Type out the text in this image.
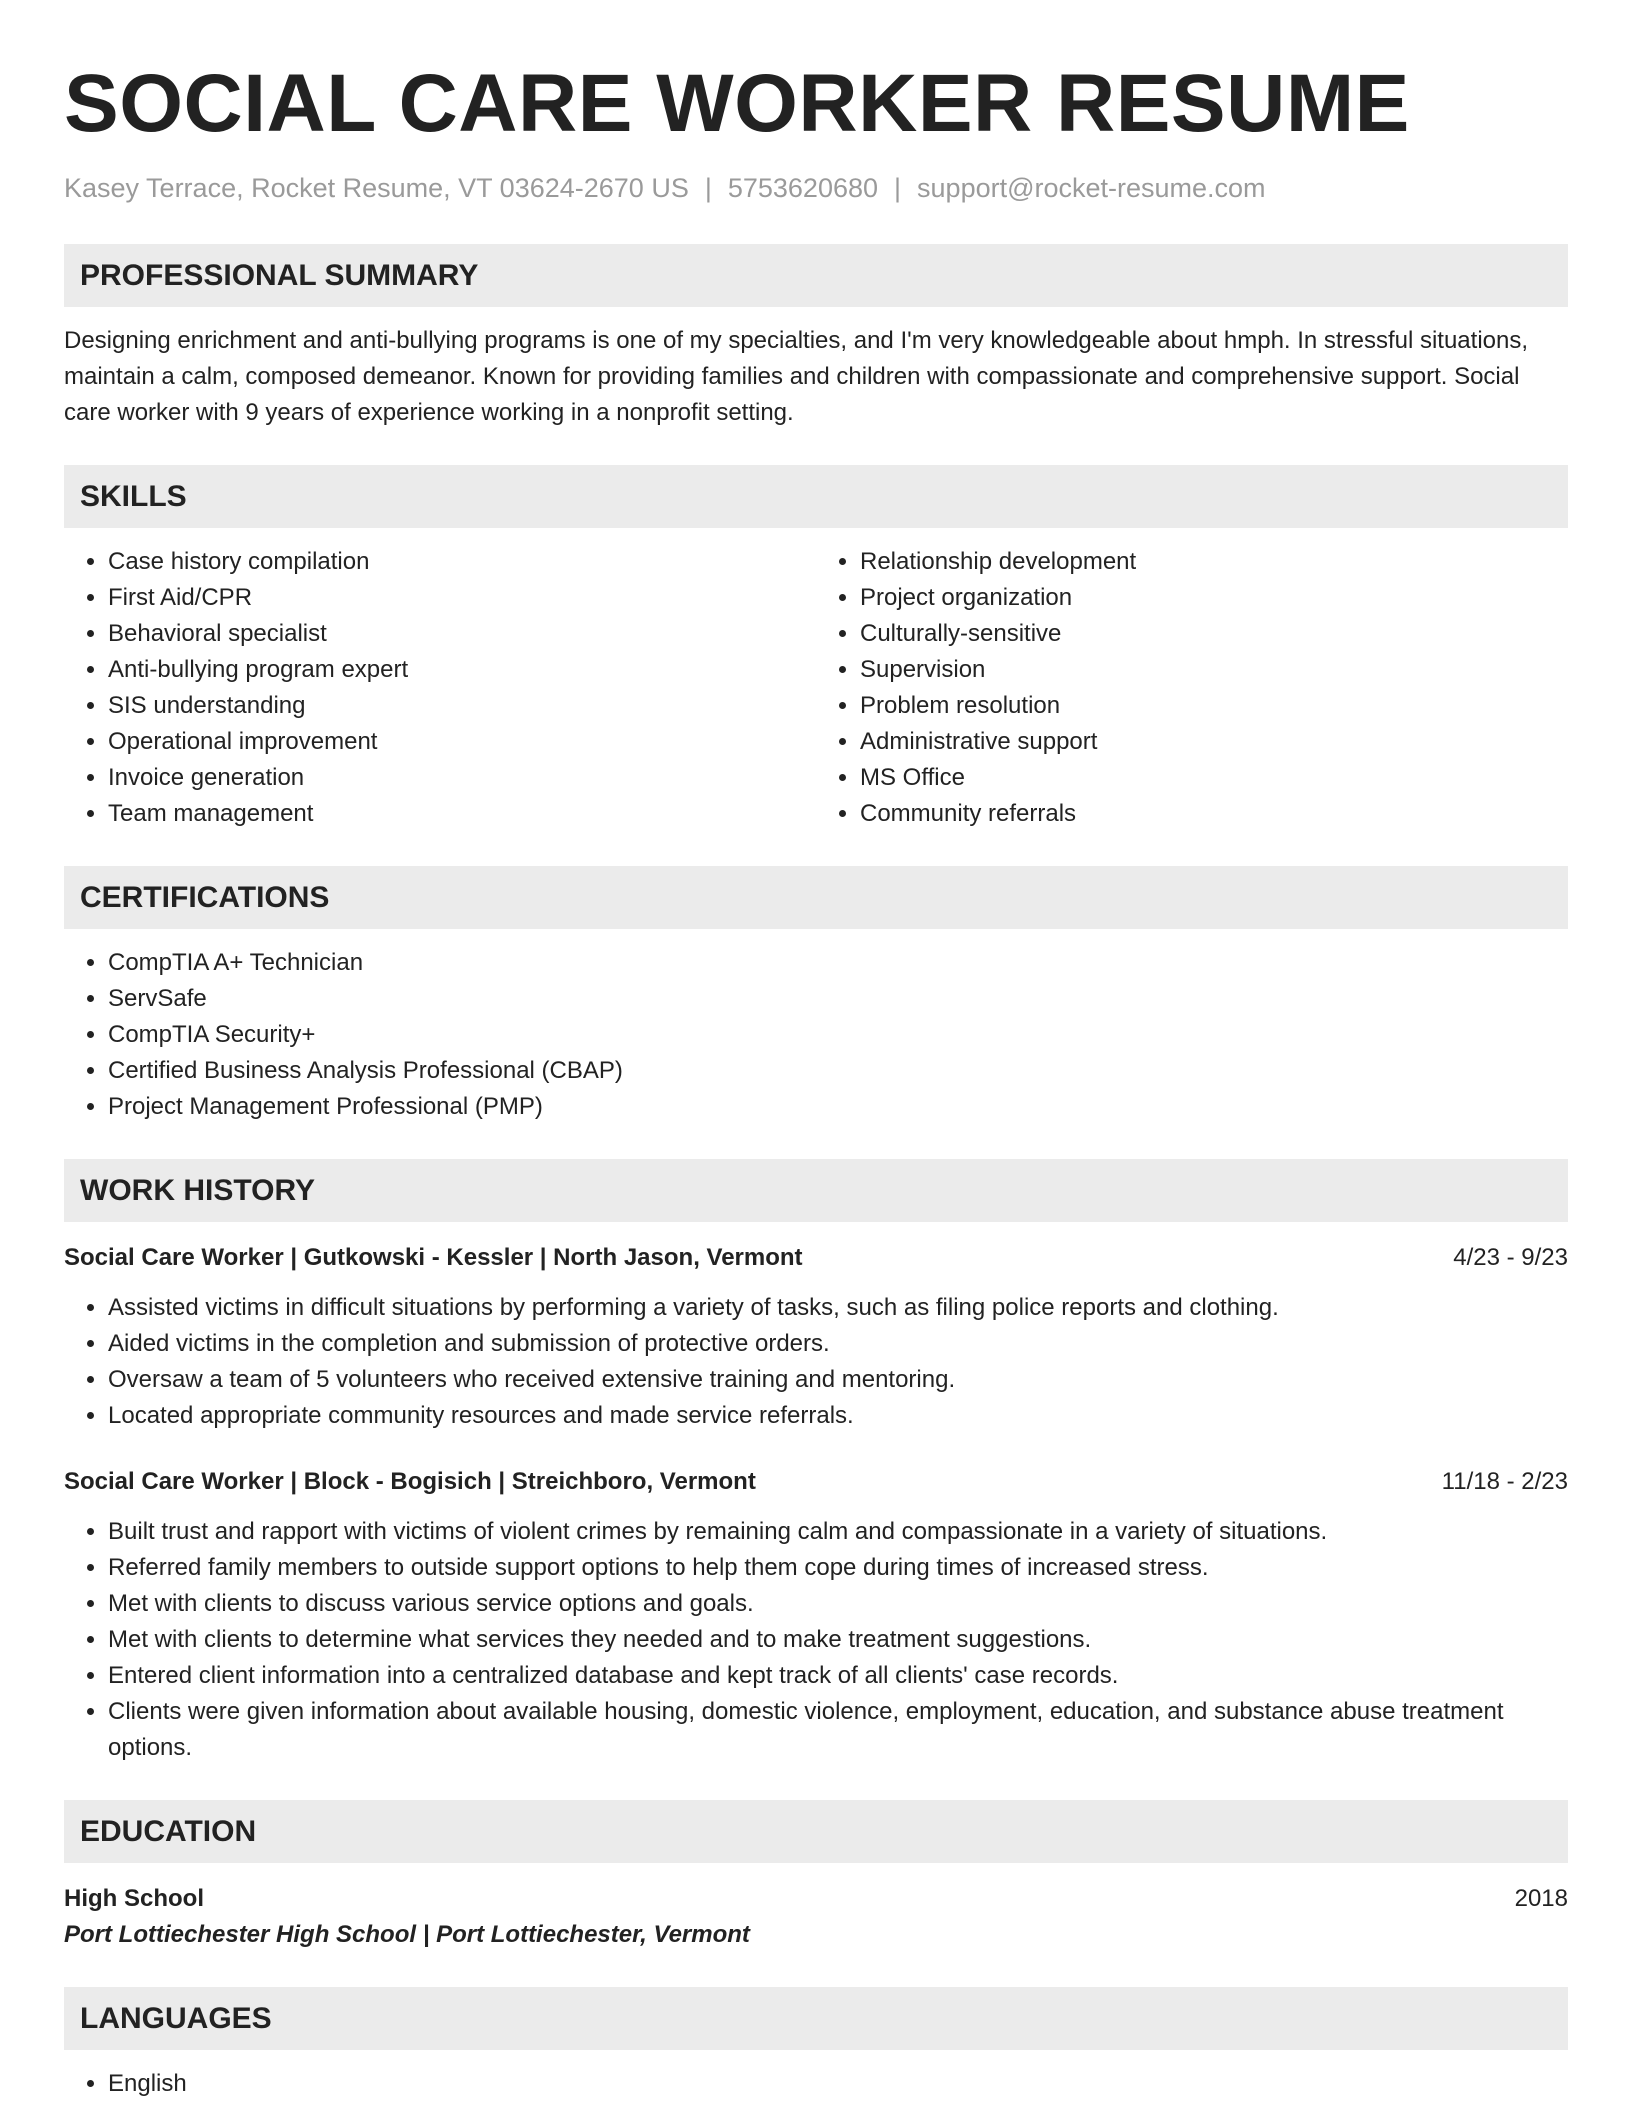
SOCIAL CARE WORKER RESUME
Kasey Terrace, Rocket Resume, VT 03624-2670 US | 5753620680 | support@rocket-resume.com
PROFESSIONAL SUMMARY
Designing enrichment and anti-bullying programs is one of my specialties, and I'm very knowledgeable about hmph. In stressful situations, maintain a calm, composed demeanor. Known for providing families and children with compassionate and comprehensive support. Social care worker with 9 years of experience working in a nonprofit setting.
SKILLS
• Case history compilation
• First Aid/CPR
• Behavioral specialist
• Anti-bullying program expert
• SIS understanding
• Operational improvement
• Invoice generation
• Team management
• Relationship development
• Project organization
• Culturally-sensitive
• Supervision
• Problem resolution
• Administrative support
• MS Office
• Community referrals
CERTIFICATIONS
• CompTIA A+ Technician
• ServSafe
• CompTIA Security+
• Certified Business Analysis Professional (CBAP)
• Project Management Professional (PMP)
WORK HISTORY
Social Care Worker | Gutkowski - Kessler | North Jason, Vermont	4/23 - 9/23
• Assisted victims in difficult situations by performing a variety of tasks, such as filing police reports and clothing.
• Aided victims in the completion and submission of protective orders.
• Oversaw a team of 5 volunteers who received extensive training and mentoring.
• Located appropriate community resources and made service referrals.
Social Care Worker | Block - Bogisich | Streichboro, Vermont	11/18 - 2/23
• Built trust and rapport with victims of violent crimes by remaining calm and compassionate in a variety of situations.
• Referred family members to outside support options to help them cope during times of increased stress.
• Met with clients to discuss various service options and goals.
• Met with clients to determine what services they needed and to make treatment suggestions.
• Entered client information into a centralized database and kept track of all clients' case records.
• Clients were given information about available housing, domestic violence, employment, education, and substance abuse treatment options.
EDUCATION
High School	2018
Port Lottiechester High School | Port Lottiechester, Vermont
LANGUAGES
• English
